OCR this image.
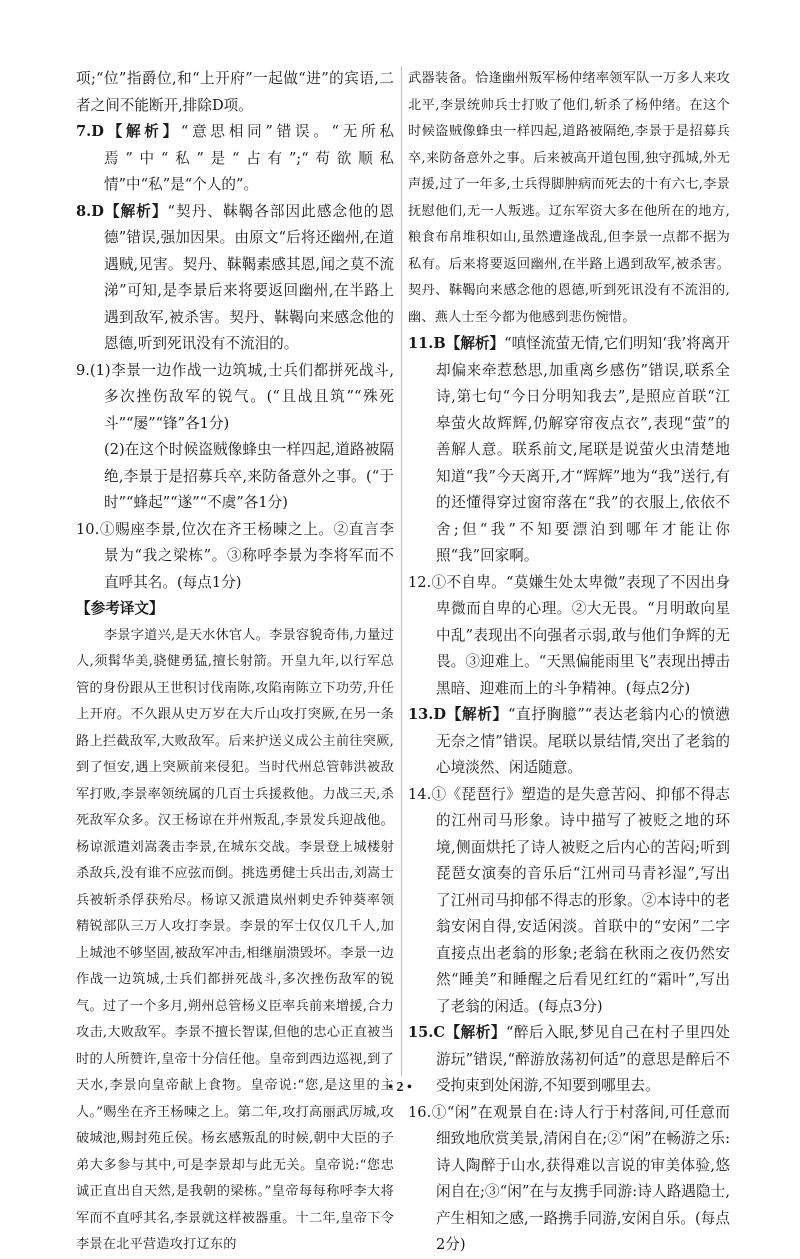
项;“位”指爵位,和“上开府”一起做“进”的宾语,二者之间不能断开,排除D项。

7.D【解析】“意思相同”错误。“无所私焉”中“私”是“占有”;“苟欲顺私情”中“私”是“个人的”。

8.D【解析】“契丹、靺鞨各部因此感念他的恩德”错误,强加因果。由原文“后将还幽州,在道遇贼,见害。契丹、靺鞨素感其恩,闻之莫不流涕”可知,是李景后来将要返回幽州,在半路上遇到敌军,被杀害。契丹、靺鞨向来感念他的恩德,听到死讯没有不流泪的。

9.(1)李景一边作战一边筑城,士兵们都拼死战斗,多次挫伤敌军的锐气。(“且战且筑”“殊死斗”“屡”“锋”各1分)

(2)在这个时候盗贼像蜂虫一样四起,道路被隔绝,李景于是招募兵卒,来防备意外之事。(“于时”“蜂起”“遂”“不虞”各1分)

10.①赐座李景,位次在齐王杨暕之上。②直言李景为“我之梁栋”。③称呼李景为李将军而不直呼其名。(每点1分)

【参考译文】

李景字道兴,是天水休官人。李景容貌奇伟,力量过人,须髯华美,骁健勇猛,擅长射箭。开皇九年,以行军总管的身份跟从王世积讨伐南陈,攻陷南陈立下功劳,升任上开府。不久跟从史万岁在大斤山攻打突厥,在另一条路上拦截敌军,大败敌军。后来护送义成公主前往突厥,到了恒安,遇上突厥前来侵犯。当时代州总管韩洪被敌军打败,李景率领统属的几百士兵援救他。力战三天,杀死敌军众多。汉王杨谅在并州叛乱,李景发兵迎战他。杨谅派遣刘嵩袭击李景,在城东交战。李景登上城楼射杀敌兵,没有谁不应弦而倒。挑选勇健士兵出击,刘嵩士兵被斩杀俘获殆尽。杨谅又派遣岚州刺史乔钟葵率领精锐部队三万人攻打李景。李景的军士仅仅几千人,加上城池不够坚固,被敌军冲击,相继崩溃毁坏。李景一边作战一边筑城,士兵们都拼死战斗,多次挫伤敌军的锐气。过了一个多月,朔州总管杨义臣率兵前来增援,合力攻击,大败敌军。李景不擅长智谋,但他的忠心正直被当时的人所赞许,皇帝十分信任他。皇帝到西边巡视,到了天水,李景向皇帝献上食物。皇帝说:“您,是这里的主人。”赐坐在齐王杨暕之上。第二年,攻打高丽武厉城,攻破城池,赐封苑丘侯。杨玄感叛乱的时候,朝中大臣的子弟大多参与其中,可是李景却与此无关。皇帝说:“您忠诚正直出自天然,是我朝的梁栋。”皇帝每每称呼李大将军而不直呼其名,李景就这样被器重。十二年,皇帝下令李景在北平营造攻打辽东的

武器装备。恰逢幽州叛军杨仲绪率领军队一万多人来攻北平,李景统帅兵士打败了他们,斩杀了杨仲绪。在这个时候盗贼像蜂虫一样四起,道路被隔绝,李景于是招募兵卒,来防备意外之事。后来被高开道包围,独守孤城,外无声援,过了一年多,士兵得脚肿病而死去的十有六七,李景抚慰他们,无一人叛逃。辽东军资大多在他所在的地方,粮食布帛堆积如山,虽然遭逢战乱,但李景一点都不据为私有。后来将要返回幽州,在半路上遇到敌军,被杀害。契丹、靺鞨向来感念他的恩德,听到死讯没有不流泪的,幽、燕人士至今都为他感到悲伤惋惜。

11.B【解析】“嗔怪流萤无情,它们明知‘我’将离开却偏来牵惹愁思,加重离乡感伤”错误,联系全诗,第七句“今日分明知我去”,是照应首联“江皋萤火故辉辉,仍解穿帘夜点衣”,表现“萤”的善解人意。联系前文,尾联是说萤火虫清楚地知道“我”今天离开,才“辉辉”地为“我”送行,有的还懂得穿过窗帘落在“我”的衣服上,依依不舍;但“我”不知要漂泊到哪年才能让你照“我”回家啊。

12.①不自卑。“莫嫌生处太卑微”表现了不因出身卑微而自卑的心理。②大无畏。“月明敢向星中乱”表现出不向强者示弱,敢与他们争辉的无畏。③迎难上。“天黑偏能雨里飞”表现出搏击黑暗、迎难而上的斗争精神。(每点2分)

13.D【解析】“直抒胸臆”“表达老翁内心的愤懑无奈之情”错误。尾联以景结情,突出了老翁的心境淡然、闲适随意。

14.①《琵琶行》塑造的是失意苦闷、抑郁不得志的江州司马形象。诗中描写了被贬之地的环境,侧面烘托了诗人被贬之后内心的苦闷;听到琵琶女演奏的音乐后“江州司马青衫湿”,写出了江州司马抑郁不得志的形象。②本诗中的老翁安闲自得,安适闲淡。首联中的“安闲”二字直接点出老翁的形象;老翁在秋雨之夜仍然安然“睡美”和睡醒之后看见红红的“霜叶”,写出了老翁的闲适。(每点3分)

15.C【解析】“醉后入眠,梦见自己在村子里四处游玩”错误,“醉游放荡初何适”的意思是醉后不受拘束到处闲游,不知要到哪里去。

16.①“闲”在观景自在:诗人行于村落间,可任意而细致地欣赏美景,清闲自在;②“闲”在畅游之乐:诗人陶醉于山水,获得难以言说的审美体验,悠闲自在;③“闲”在与友携手同游:诗人路遇隐士,产生相知之感,一路携手同游,安闲自乐。(每点2分)

• 2 •
